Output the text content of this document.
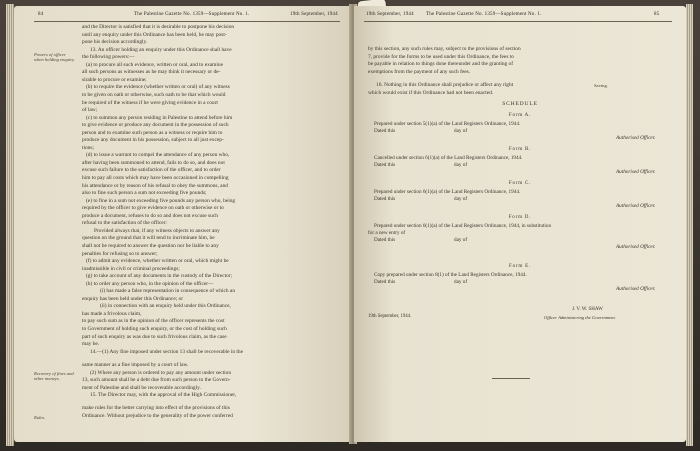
84	The Palestine Gazette No. 1359—Supplement No. 1.	19th September, 1944
Powers of officer when holding enquiry.
Recovery of fines and other moneys.
Rules.
and the Director is satisfied that it is desirable to postpone his decision
until any enquiry under this Ordinance has been held, he may post-
pone his decision accordingly.
13. An officer holding an enquiry under this Ordinance shall have
the following powers:—
(a) to procure all such evidence, written or oral, and to examine
all such persons as witnesses as he may think it necessary or de-
sirable to procure or examine;
(b) to require the evidence (whether written or oral) of any witness
to be given on oath or otherwise, such oath to be that which would
be required of the witness if he were giving evidence in a court
of law;
(c) to summon any person residing in Palestine to attend before him
to give evidence or produce any document in the possession of such
person and to examine such person as a witness or require him to
produce any document in his possession, subject to all just excep-
tions;
(d) to issue a warrant to compel the attendance of any person who,
after having been summoned to attend, fails to do so, and does not
excuse such failure to the satisfaction of the officer, and to order
him to pay all costs which may have been occasioned in compelling
his attendance or by reason of his refusal to obey the summons, and
also to fine such person a sum not exceeding five pounds;
(e) to fine in a sum not exceeding five pounds any person who, being
required by the officer to give evidence on oath or otherwise or to
produce a document, refuses to do so and does not excuse such
refusal to the satisfaction of the officer:
Provided always that, if any witness objects to answer any
question on the ground that it will tend to incriminate him, he
shall not be required to answer the question nor be liable to any
penalties for refusing so to answer;
(f) to admit any evidence, whether written or oral, which might be
inadmissible in civil or criminal proceedings;
(g) to take account of any documents in the custody of the Director;
(h) to order any person who, in the opinion of the officer—
(i) has made a false representation in consequence of which an
enquiry has been held under this Ordinance; or
(ii) in connection with an enquiry held under this Ordinance,
has made a frivolous claim,
to pay such sum as in the opinion of the officer represents the cost
to Government of holding such enquiry, or the cost of holding such
part of such enquiry as was due to such frivolous claim, as the case
may be.
14.—(1) Any fine imposed under section 13 shall be recoverable in the
same manner as a fine imposed by a court of law.
(2) Where any person is ordered to pay any amount under section
13, such amount shall be a debt due from such person to the Govern-
ment of Palestine and shall be recoverable accordingly.
15. The Director may, with the approval of the High Commissioner,
make rules for the better carrying into effect of the provisions of this
Ordinance. Without prejudice to the generality of the power conferred
19th September, 1944 The Palestine Gazette No. 1359—Supplement No. 1.	85
by this section, any such rules may, subject to the provisions of section
7, provide for the forms to be used under this Ordinance, the fees to
be payable in relation to things done thereunder and the granting of
exemptions from the payment of any such fees.
16. Nothing in this Ordinance shall prejudice or affect any right
which would exist if this Ordinance had not been enacted.
Saving.
SCHEDULE
Form A.
Prepared under section 5(1)(a) of the Land Registers Ordinance, 1944.
Dated this	day of
Authorised Officer.
Form B.
Cancelled under section 6(1)(a) of the Land Registers Ordinance, 1944.
Dated this	day of
Authorised Officer.
Form C.
Prepared under section 6(1)(a) of the Land Registers Ordinance, 1944.
Dated this	day of
Authorised Officer.
Form D.
Prepared under section 6(1)(a) of the Land Registers Ordinance, 1944, in substitution
for a new entry of
Dated this	day of
Authorised Officer.
Form E.
Copy prepared under section 8(1) of the Land Registers Ordinance, 1944.
Dated this	day of
Authorised Officer.
19th September, 1944.
J. V. W. SHAW
Officer Administering the Government.
